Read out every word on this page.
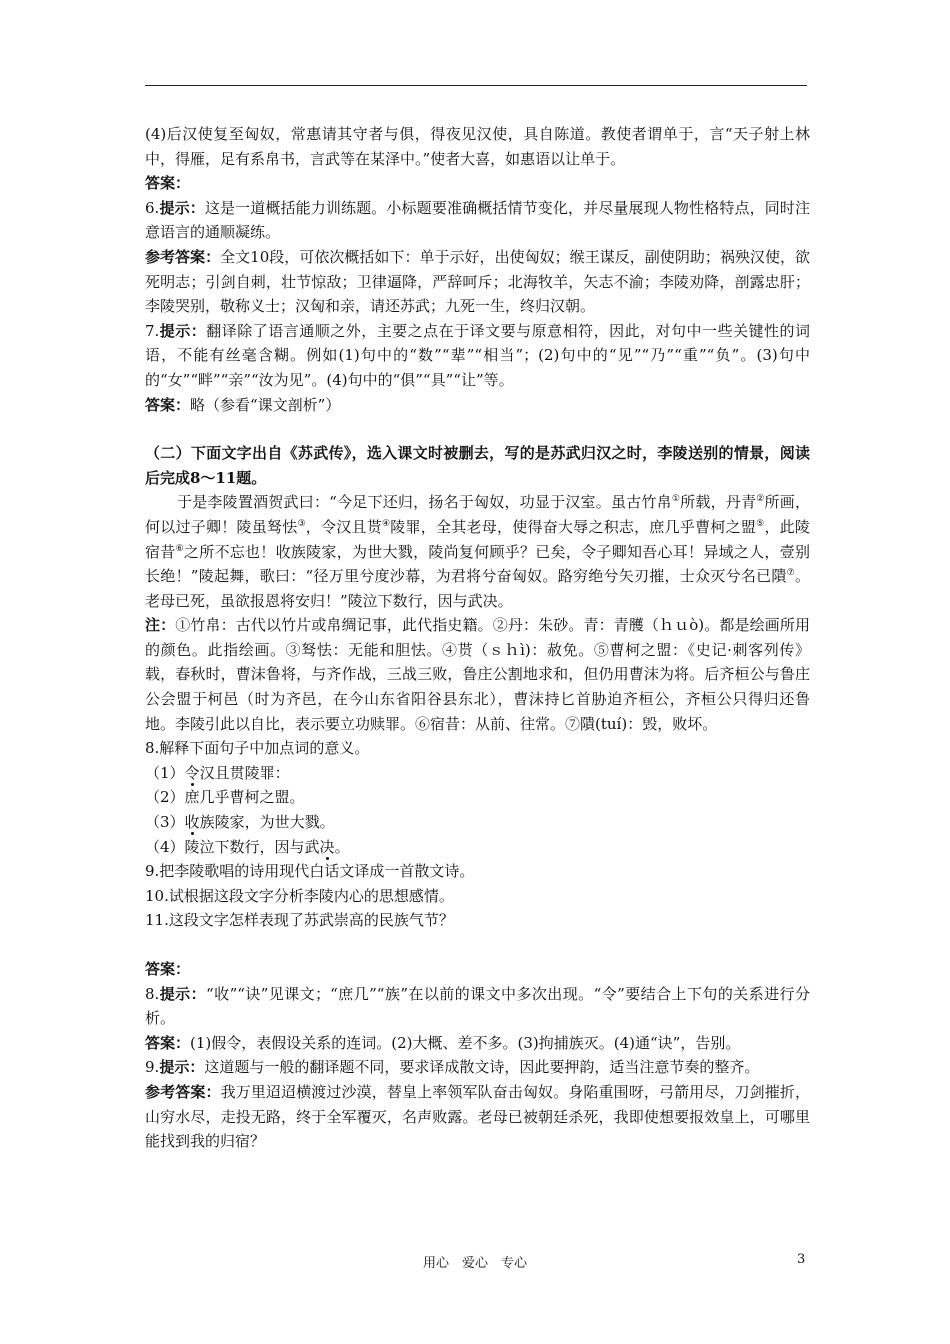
(4)后汉使复至匈奴，常惠请其守者与俱，得夜见汉使，具自陈道。教使者谓单于，言“天子射上林中，得雁，足有系帛书，言武等在某泽中。”使者大喜，如惠语以让单于。

答案：

6.提示：这是一道概括能力训练题。小标题要准确概括情节变化，并尽量展现人物性格特点，同时注意语言的通顺凝练。

参考答案：全文10段，可依次概括如下：单于示好，出使匈奴；缑王谋反，副使阴助；祸殃汉使，欲死明志；引剑自刺，壮节惊敌；卫律逼降，严辞呵斥；北海牧羊，矢志不渝；李陵劝降，剖露忠肝；李陵哭别，敬称义士；汉匈和亲，请还苏武；九死一生，终归汉朝。

7.提示：翻译除了语言通顺之外，主要之点在于译文要与原意相符，因此，对句中一些关键性的词语，不能有丝毫含糊。例如(1)句中的“数”“辈”“相当”；(2)句中的“见”“乃”“重”“负”。(3)句中的“女”“畔”“亲”“汝为见”。(4)句中的“俱”“具”“让”等。

答案：略（参看“课文剖析”）

（二）下面文字出自《苏武传》，选入课文时被删去，写的是苏武归汉之时，李陵送别的情景，阅读后完成8～11题。

于是李陵置酒贺武曰：“今足下还归，扬名于匈奴，功显于汉室。虽古竹帛①所载，丹青②所画，何以过子卿！陵虽驽怯③，令汉且贳④陵罪，全其老母，使得奋大辱之积志，庶几乎曹柯之盟⑤，此陵宿昔⑥之所不忘也！收族陵家，为世大戮，陵尚复何顾乎？已矣，令子卿知吾心耳！异域之人，壹别长绝！”陵起舞，歌曰：“径万里兮度沙幕，为君将兮奋匈奴。路穷绝兮矢刃摧，士众灭兮名已隤⑦。老母已死，虽欲报恩将安归！”陵泣下数行，因与武决。

注：①竹帛：古代以竹片或帛绸记事，此代指史籍。②丹：朱砂。青：青雘（ｈｕò)。都是绘画所用的颜色。此指绘画。③驽怯：无能和胆怯。④贳（ｓｈì)：赦免。⑤曹柯之盟：《史记·刺客列传》载，春秋时，曹沫鲁将，与齐作战，三战三败，鲁庄公割地求和，但仍用曹沫为将。后齐桓公与鲁庄公会盟于柯邑（时为齐邑，在今山东省阳谷县东北），曹沫持匕首胁迫齐桓公，齐桓公只得归还鲁地。李陵引此以自比，表示要立功赎罪。⑥宿昔：从前、往常。⑦隤(tuí)：毁，败坏。

8.解释下面句子中加点词的意义。

（1）令汉且贯陵罪：

（2）庶几乎曹柯之盟。

（3）收族陵家，为世大戮。

（4）陵泣下数行，因与武决。

9.把李陵歌唱的诗用现代白话文译成一首散文诗。

10.试根据这段文字分析李陵内心的思想感情。

11.这段文字怎样表现了苏武崇高的民族气节？

答案：

8.提示：“收”“诀”见课文；“庶几”“族”在以前的课文中多次出现。“令”要结合上下句的关系进行分析。

答案：(1)假令，表假设关系的连词。(2)大概、差不多。(3)拘捕族灭。(4)通“诀”，告别。

9.提示：这道题与一般的翻译题不同，要求译成散文诗，因此要押韵，适当注意节奏的整齐。

参考答案：我万里迢迢横渡过沙漠，替皇上率领军队奋击匈奴。身陷重围呀，弓箭用尽，刀剑摧折，山穷水尽，走投无路，终于全军覆灭，名声败露。老母已被朝廷杀死，我即使想要报效皇上，可哪里能找到我的归宿？

用心　爱心　专心	3
